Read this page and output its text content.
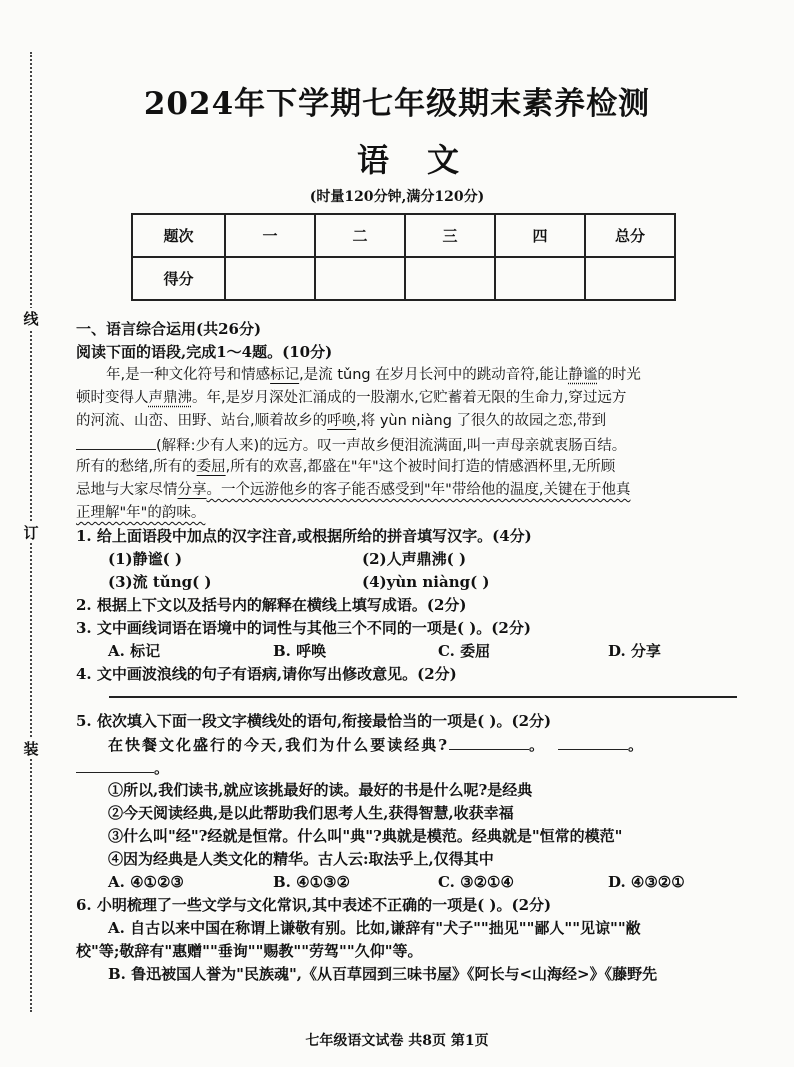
线
订
装
2024年下学期七年级期末素养检测
语文
(时量120分钟,满分120分)
题次	一	二	三	四	总分
得分					
一、语言综合运用(共26分)
阅读下面的语段,完成1～4题。(10分)
年,是一种文化符号和情感标记,是流 tǔng 在岁月长河中的跳动音符,能让静谧的时光
顿时变得人声鼎沸。年,是岁月深处汇涌成的一股潮水,它贮蓄着无限的生命力,穿过远方
的河流、山峦、田野、站台,顺着故乡的呼唤,将 yùn niàng 了很久的故园之恋,带到
(解释:少有人来)的远方。叹一声故乡便泪流满面,叫一声母亲就衷肠百结。
所有的愁绪,所有的委屈,所有的欢喜,都盛在"年"这个被时间打造的情感酒杯里,无所顾
忌地与大家尽情分享。一个远游他乡的客子能否感受到"年"带给他的温度,关键在于他真
正理解"年"的韵味。
1. 给上面语段中加点的汉字注音,或根据所给的拼音填写汉字。(4分)
(1)静谧( )	(2)人声鼎沸( )
(3)流 tǔng( )	(4)yùn niàng( )
2. 根据上下文以及括号内的解释在横线上填写成语。(2分)
3. 文中画线词语在语境中的词性与其他三个不同的一项是( )。(2分)
A. 标记	B. 呼唤	C. 委屈	D. 分享
4. 文中画波浪线的句子有语病,请你写出修改意见。(2分)
5. 依次填入下面一段文字横线处的语句,衔接最恰当的一项是( )。(2分)
在快餐文化盛行的今天,我们为什么要读经典?	。	。
。
①所以,我们读书,就应该挑最好的读。最好的书是什么呢?是经典
②今天阅读经典,是以此帮助我们思考人生,获得智慧,收获幸福
③什么叫"经"?经就是恒常。什么叫"典"?典就是模范。经典就是"恒常的模范"
④因为经典是人类文化的精华。古人云:取法乎上,仅得其中
A. ④①②③	B. ④①③②	C. ③②①④	D. ④③②①
6. 小明梳理了一些文学与文化常识,其中表述不正确的一项是( )。(2分)
A. 自古以来中国在称谓上谦敬有别。比如,谦辞有"犬子""拙见""鄙人""见谅""敝
校"等;敬辞有"惠赠""垂询""赐教""劳驾""久仰"等。
B. 鲁迅被国人誉为"民族魂",《从百草园到三味书屋》《阿长与<山海经>》《藤野先
七年级语文试卷 共8页 第1页
